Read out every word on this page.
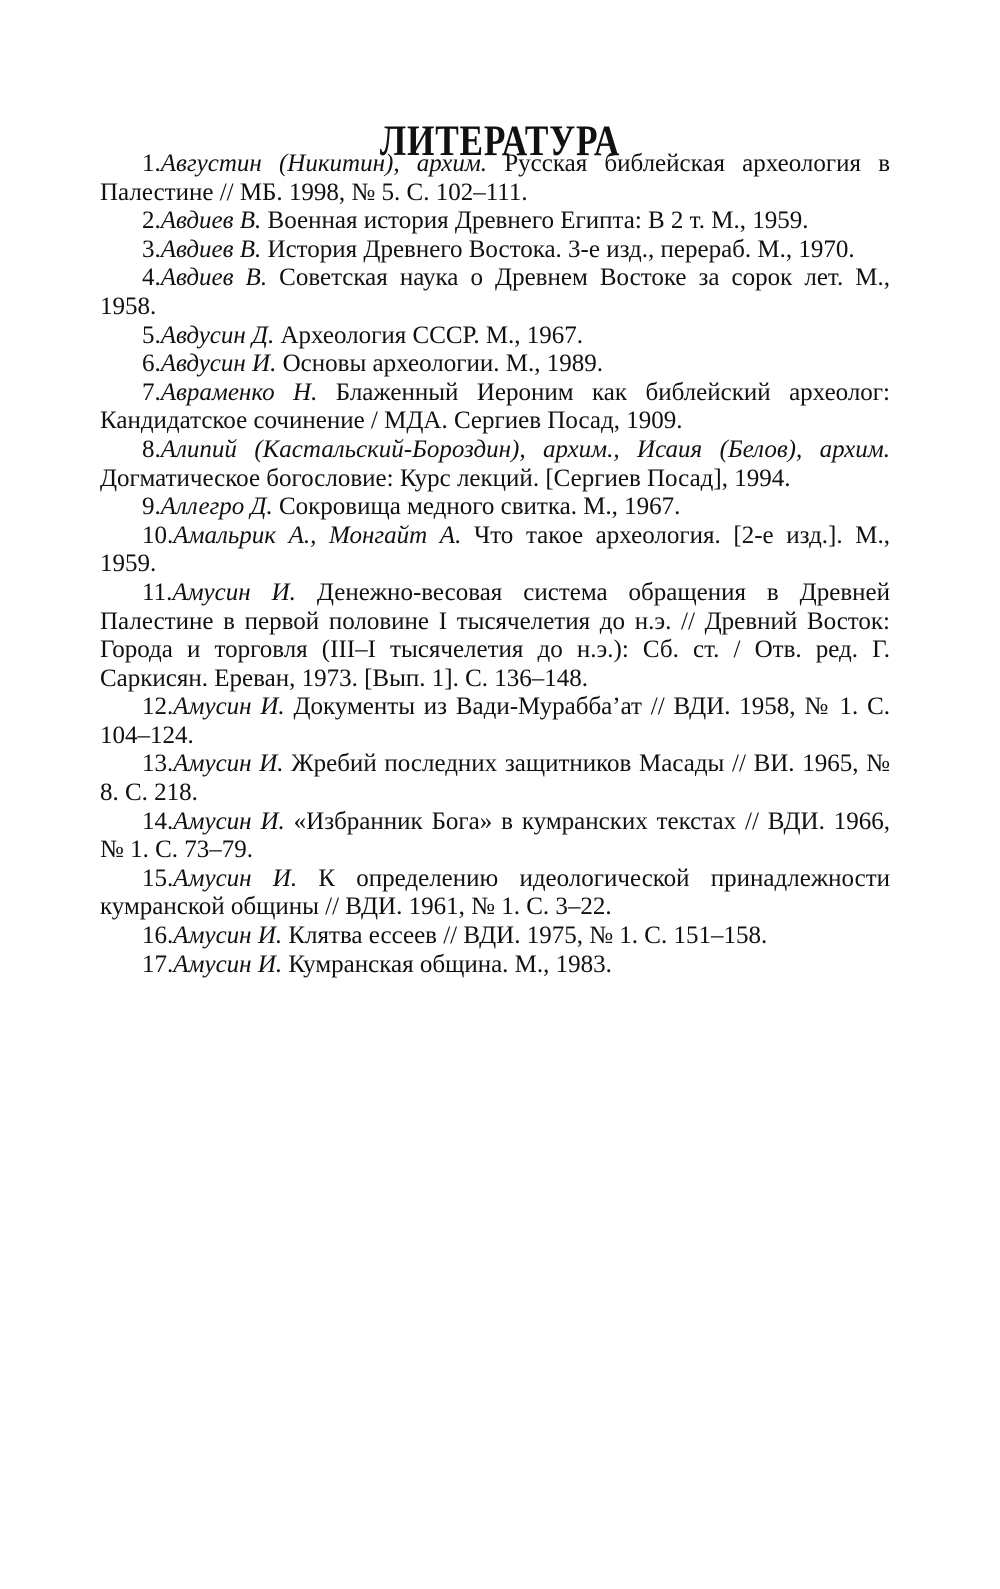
ЛИТЕРАТУРА

1.Августин (Никитин), архим. Русская библейская археология в Палестине // МБ. 1998, № 5. С. 102–111.

2.Авдиев В. Военная история Древнего Египта: В 2 т. М., 1959.

3.Авдиев В. История Древнего Востока. 3-е изд., перераб. М., 1970.

4.Авдиев В. Советская наука о Древнем Востоке за сорок лет. М., 1958.

5.Авдусин Д. Археология СССР. М., 1967.

6.Авдусин И. Основы археологии. М., 1989.

7.Авраменко Н. Блаженный Иероним как библейский археолог: Кандидатское сочинение / МДА. Сергиев Посад, 1909.

8.Алипий (Кастальский-Бороздин), архим., Исаия (Белов), архим. Догматическое богословие: Курс лекций. [Сергиев Посад], 1994.

9.Аллегро Д. Сокровища медного свитка. М., 1967.

10.Амальрик А., Монгайт А. Что такое археология. [2-е изд.]. М., 1959.

11.Амусин И. Денежно-весовая система обращения в Древней Палестине в первой половине I тысячелетия до н.э. // Древний Восток: Города и торговля (III–I тысячелетия до н.э.): Сб. ст. / Отв. ред. Г. Саркисян. Ереван, 1973. [Вып. 1]. С. 136–148.

12.Амусин И. Документы из Вади-Мурабба’ат // ВДИ. 1958, № 1. С. 104–124.

13.Амусин И. Жребий последних защитников Масады // ВИ. 1965, № 8. С. 218.

14.Амусин И. «Избранник Бога» в кумранских текстах // ВДИ. 1966, № 1. С. 73–79.

15.Амусин И. К определению идеологической принадлежности кумранской общины // ВДИ. 1961, № 1. С. 3–22.

16.Амусин И. Клятва ессеев // ВДИ. 1975, № 1. С. 151–158.

17.Амусин И. Кумранская община. М., 1983.
